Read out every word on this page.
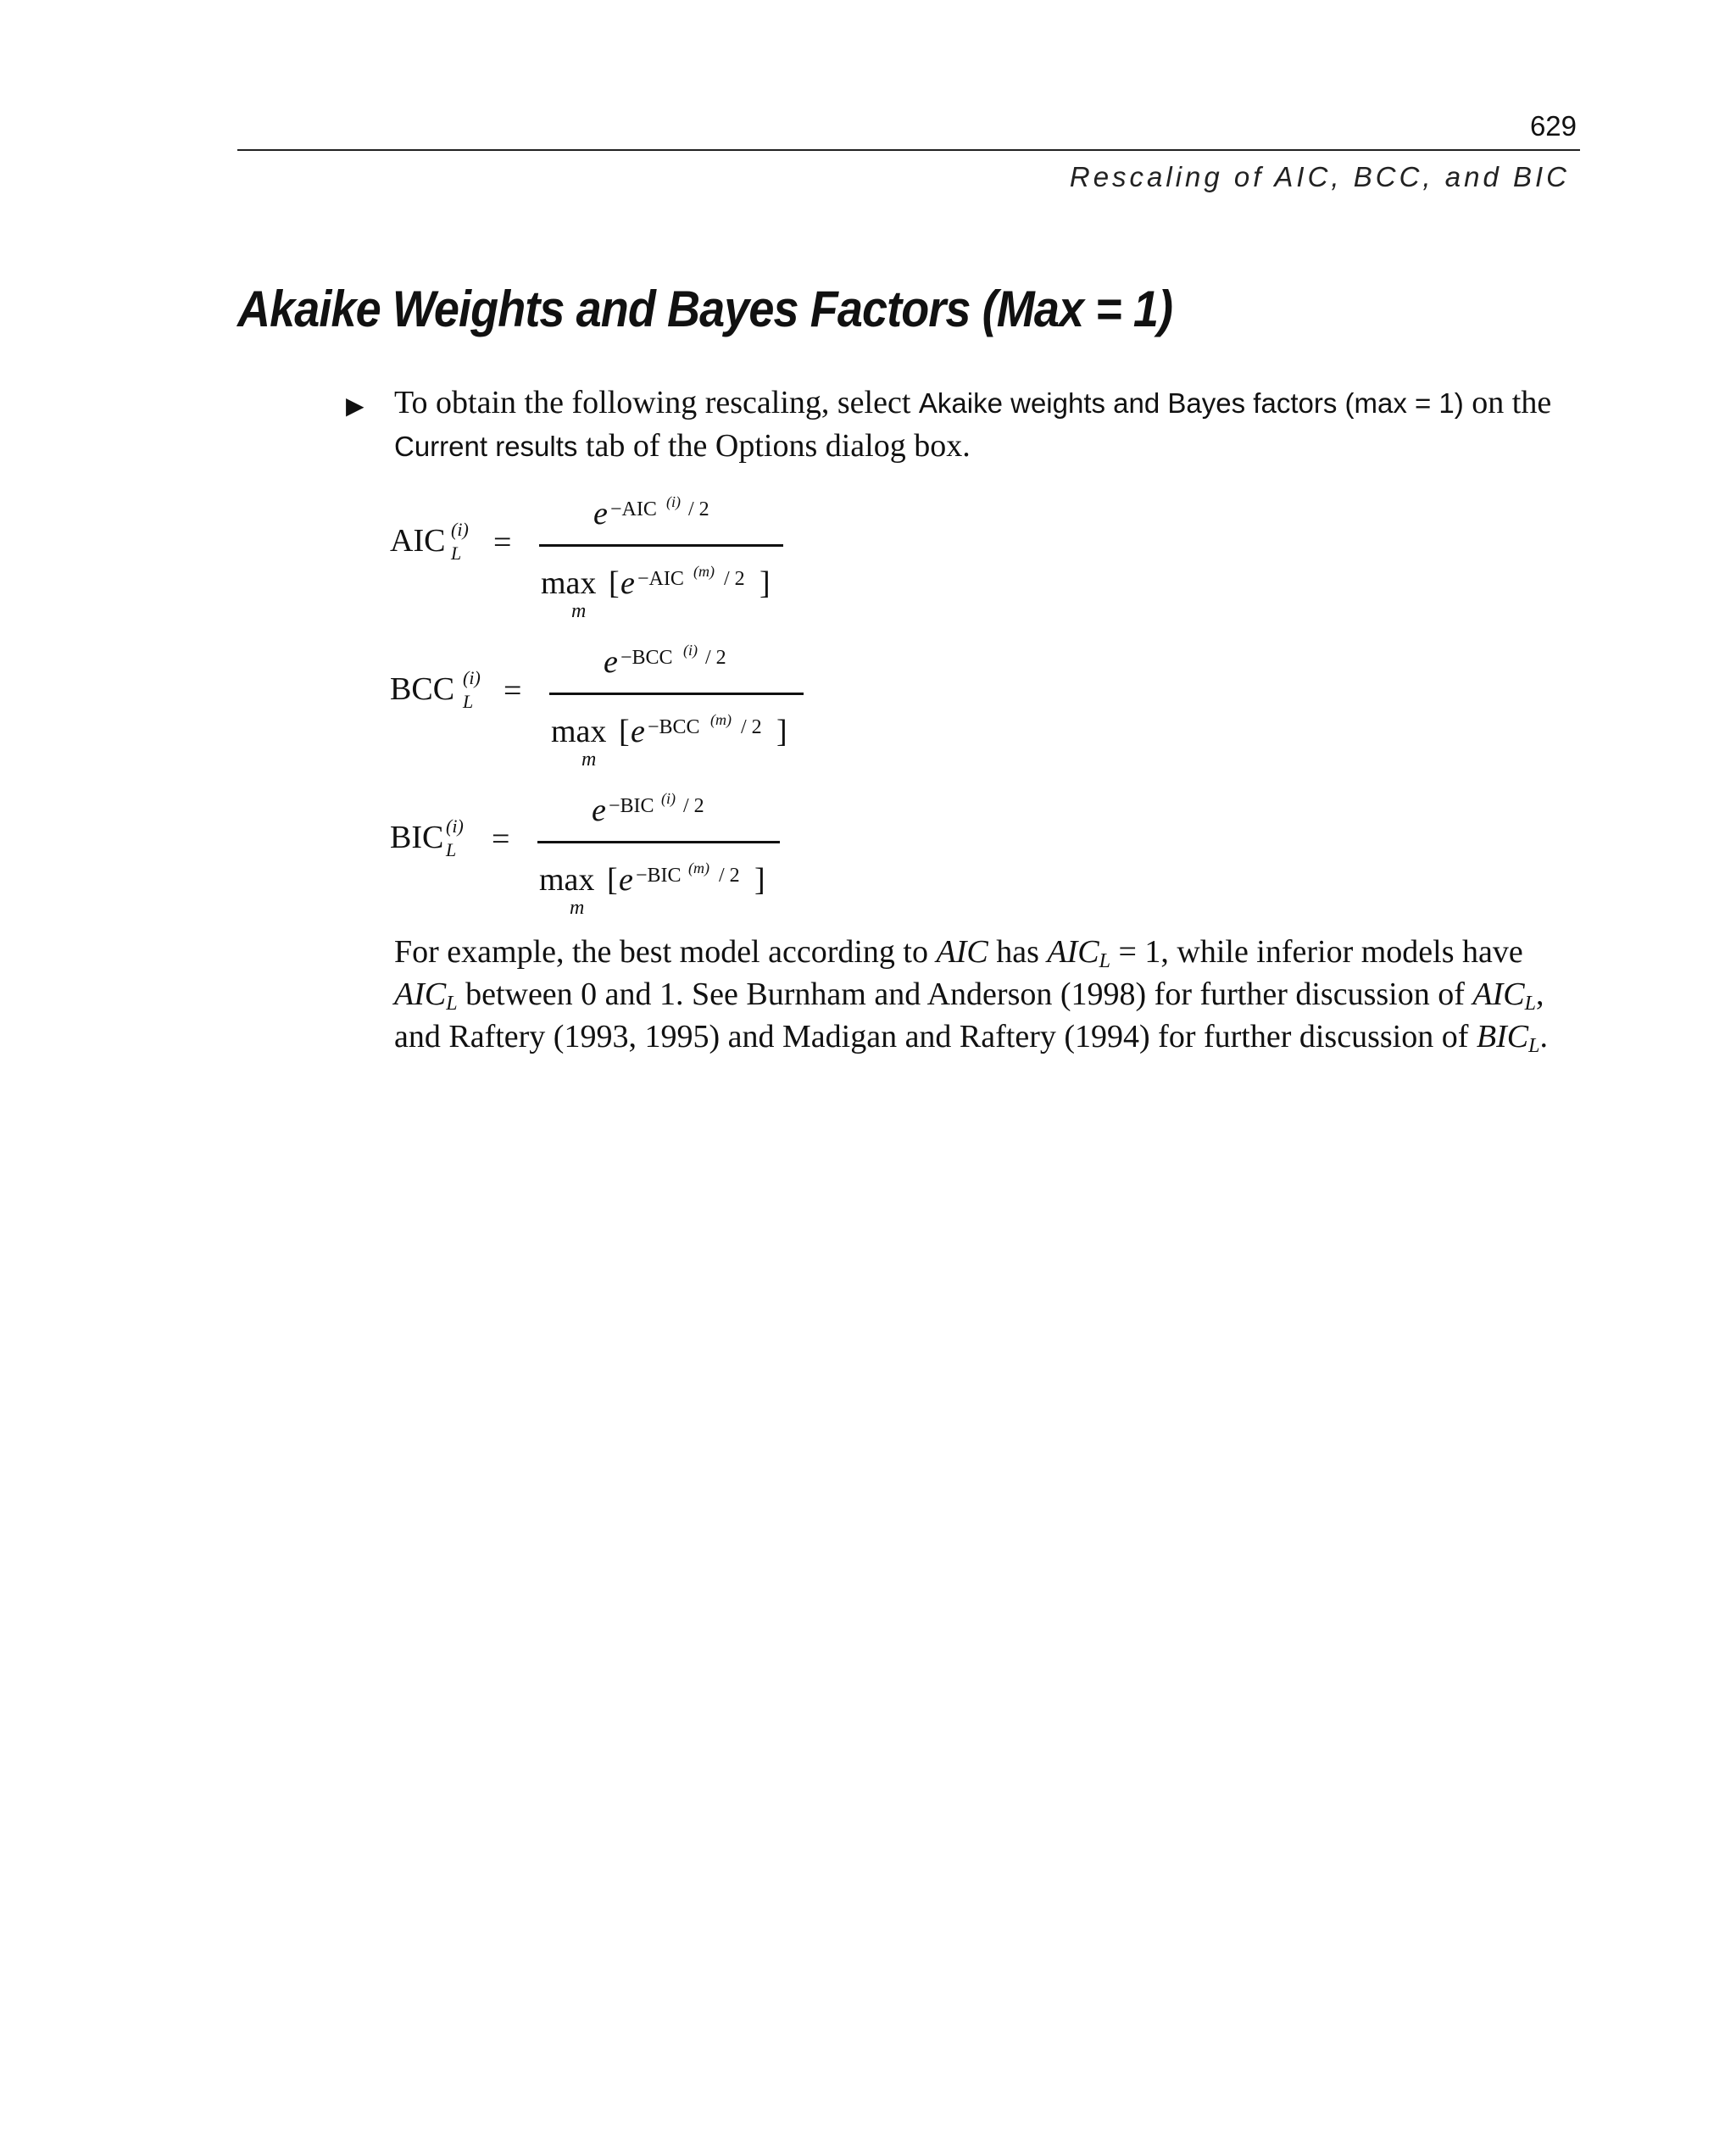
629
Rescaling of AIC, BCC, and BIC
Akaike Weights and Bayes Factors (Max = 1)
▶ To obtain the following rescaling, select Akaike weights and Bayes factors (max = 1) on the Current results tab of the Options dialog box.
AIC (i)
L =
e −AIC (i) / 2
max
m
[ e −AIC (m) / 2 ]
BCC (i)
L =
e −BCC (i) / 2
max
m
[ e −BCC (m) / 2 ]
BIC (i)
L =
e −BIC (i) / 2
max
m
[ e −BIC (m) / 2 ]
For example, the best model according to AIC has $AIC_L = 1$, while inferior models have $AIC_L$ between 0 and 1. See Burnham and Anderson (1998) for further discussion of $AIC_L$, and Raftery (1993, 1995) and Madigan and Raftery (1994) for further discussion of $BIC_L$.
